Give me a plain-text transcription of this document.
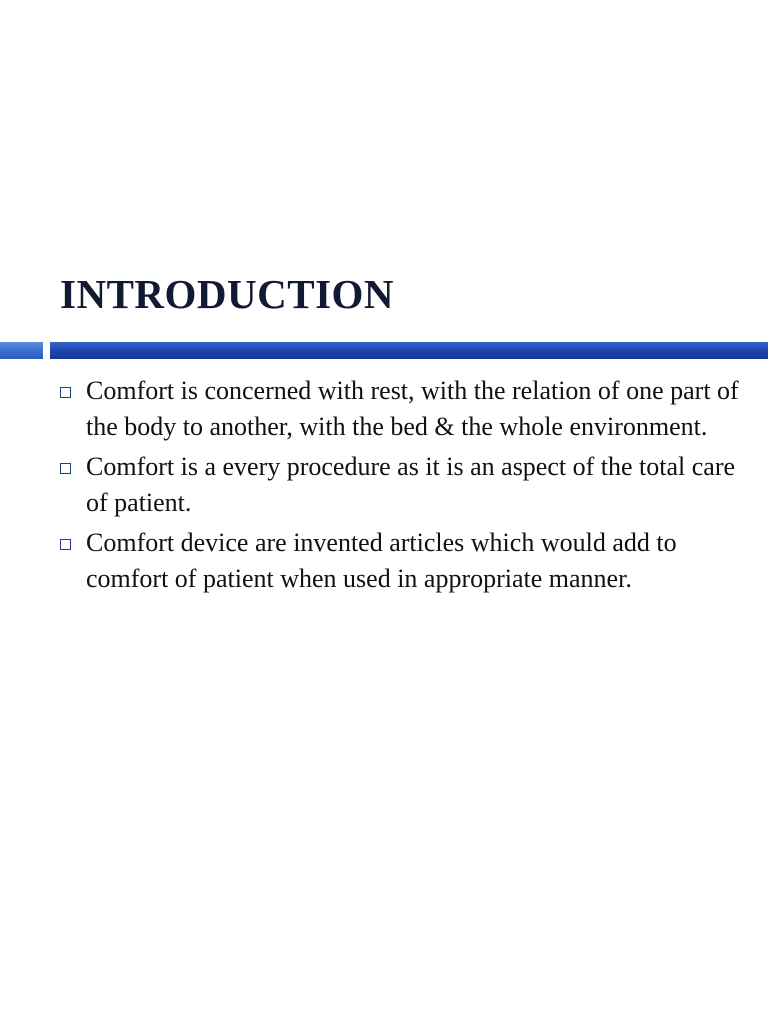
INTRODUCTION
Comfort is concerned with rest, with the relation of one part of the body to another, with the bed & the whole environment.
Comfort is a every procedure as it is an aspect of the total care of patient.
Comfort device are invented articles which would add to comfort of patient when used in appropriate manner.
